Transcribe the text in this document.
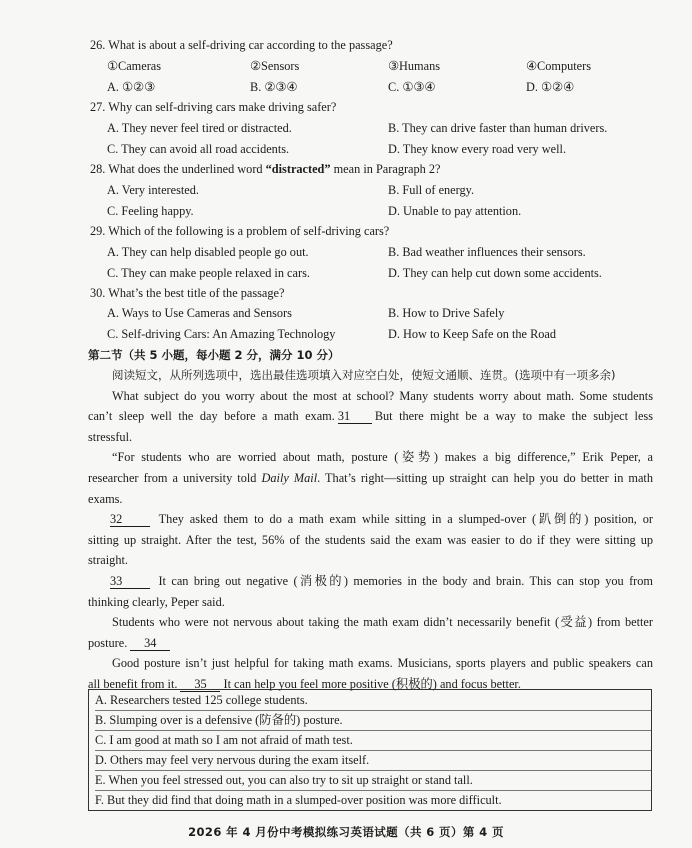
26. What is about a self-driving car according to the passage?
①Cameras	②Sensors	③Humans	④Computers
A. ①②③	B. ②③④	C. ①③④	D. ①②④
27. Why can self-driving cars make driving safer?
A. They never feel tired or distracted.	B. They can drive faster than human drivers.
C. They can avoid all road accidents.	D. They know every road very well.
28. What does the underlined word “distracted” mean in Paragraph 2?
A. Very interested.	B. Full of energy.
C. Feeling happy.	D. Unable to pay attention.
29. Which of the following is a problem of self-driving cars?
A. They can help disabled people go out.	B. Bad weather influences their sensors.
C. They can make people relaxed in cars.	D. They can help cut down some accidents.
30. What’s the best title of the passage?
A. Ways to Use Cameras and Sensors	B. How to Drive Safely
C. Self-driving Cars: An Amazing Technology	D. How to Keep Safe on the Road
第二节（共 5 小题，每小题 2 分，满分 10 分）
阅读短文，从所列选项中，选出最佳选项填入对应空白处，使短文通顺、连贯。(选项中有一项多余)
What subject do you worry about the most at school? Many students worry about math. Some students
can’t sleep well the day before a math exam. 31 But there might be a way to make the subject less
stressful.
“For students who are worried about math, posture (姿势) makes a big difference,” Erik Peper, a
researcher from a university told Daily Mail. That’s right—sitting up straight can help you do better in math
exams.
32	They asked them to do a math exam while sitting in a slumped-over (趴倒的) position, or
sitting up straight. After the test, 56% of the students said the exam was easier to do if they were sitting up
straight.
33	It can bring out negative (消极的) memories in the body and brain. This can stop you from
thinking clearly, Peper said.
Students who were not nervous about taking the math exam didn’t necessarily benefit (受益) from better
posture. 34
Good posture isn’t just helpful for taking math exams. Musicians, sports players and public speakers can
all benefit from it. 35 It can help you feel more positive (积极的) and focus better.
A. Researchers tested 125 college students.
B. Slumping over is a defensive (防备的) posture.
C. I am good at math so I am not afraid of math test.
D. Others may feel very nervous during the exam itself.
E. When you feel stressed out, you can also try to sit up straight or stand tall.
F. But they did find that doing math in a slumped-over position was more difficult.
2026 年 4 月份中考模拟练习英语试题（共 6 页）第 4 页
